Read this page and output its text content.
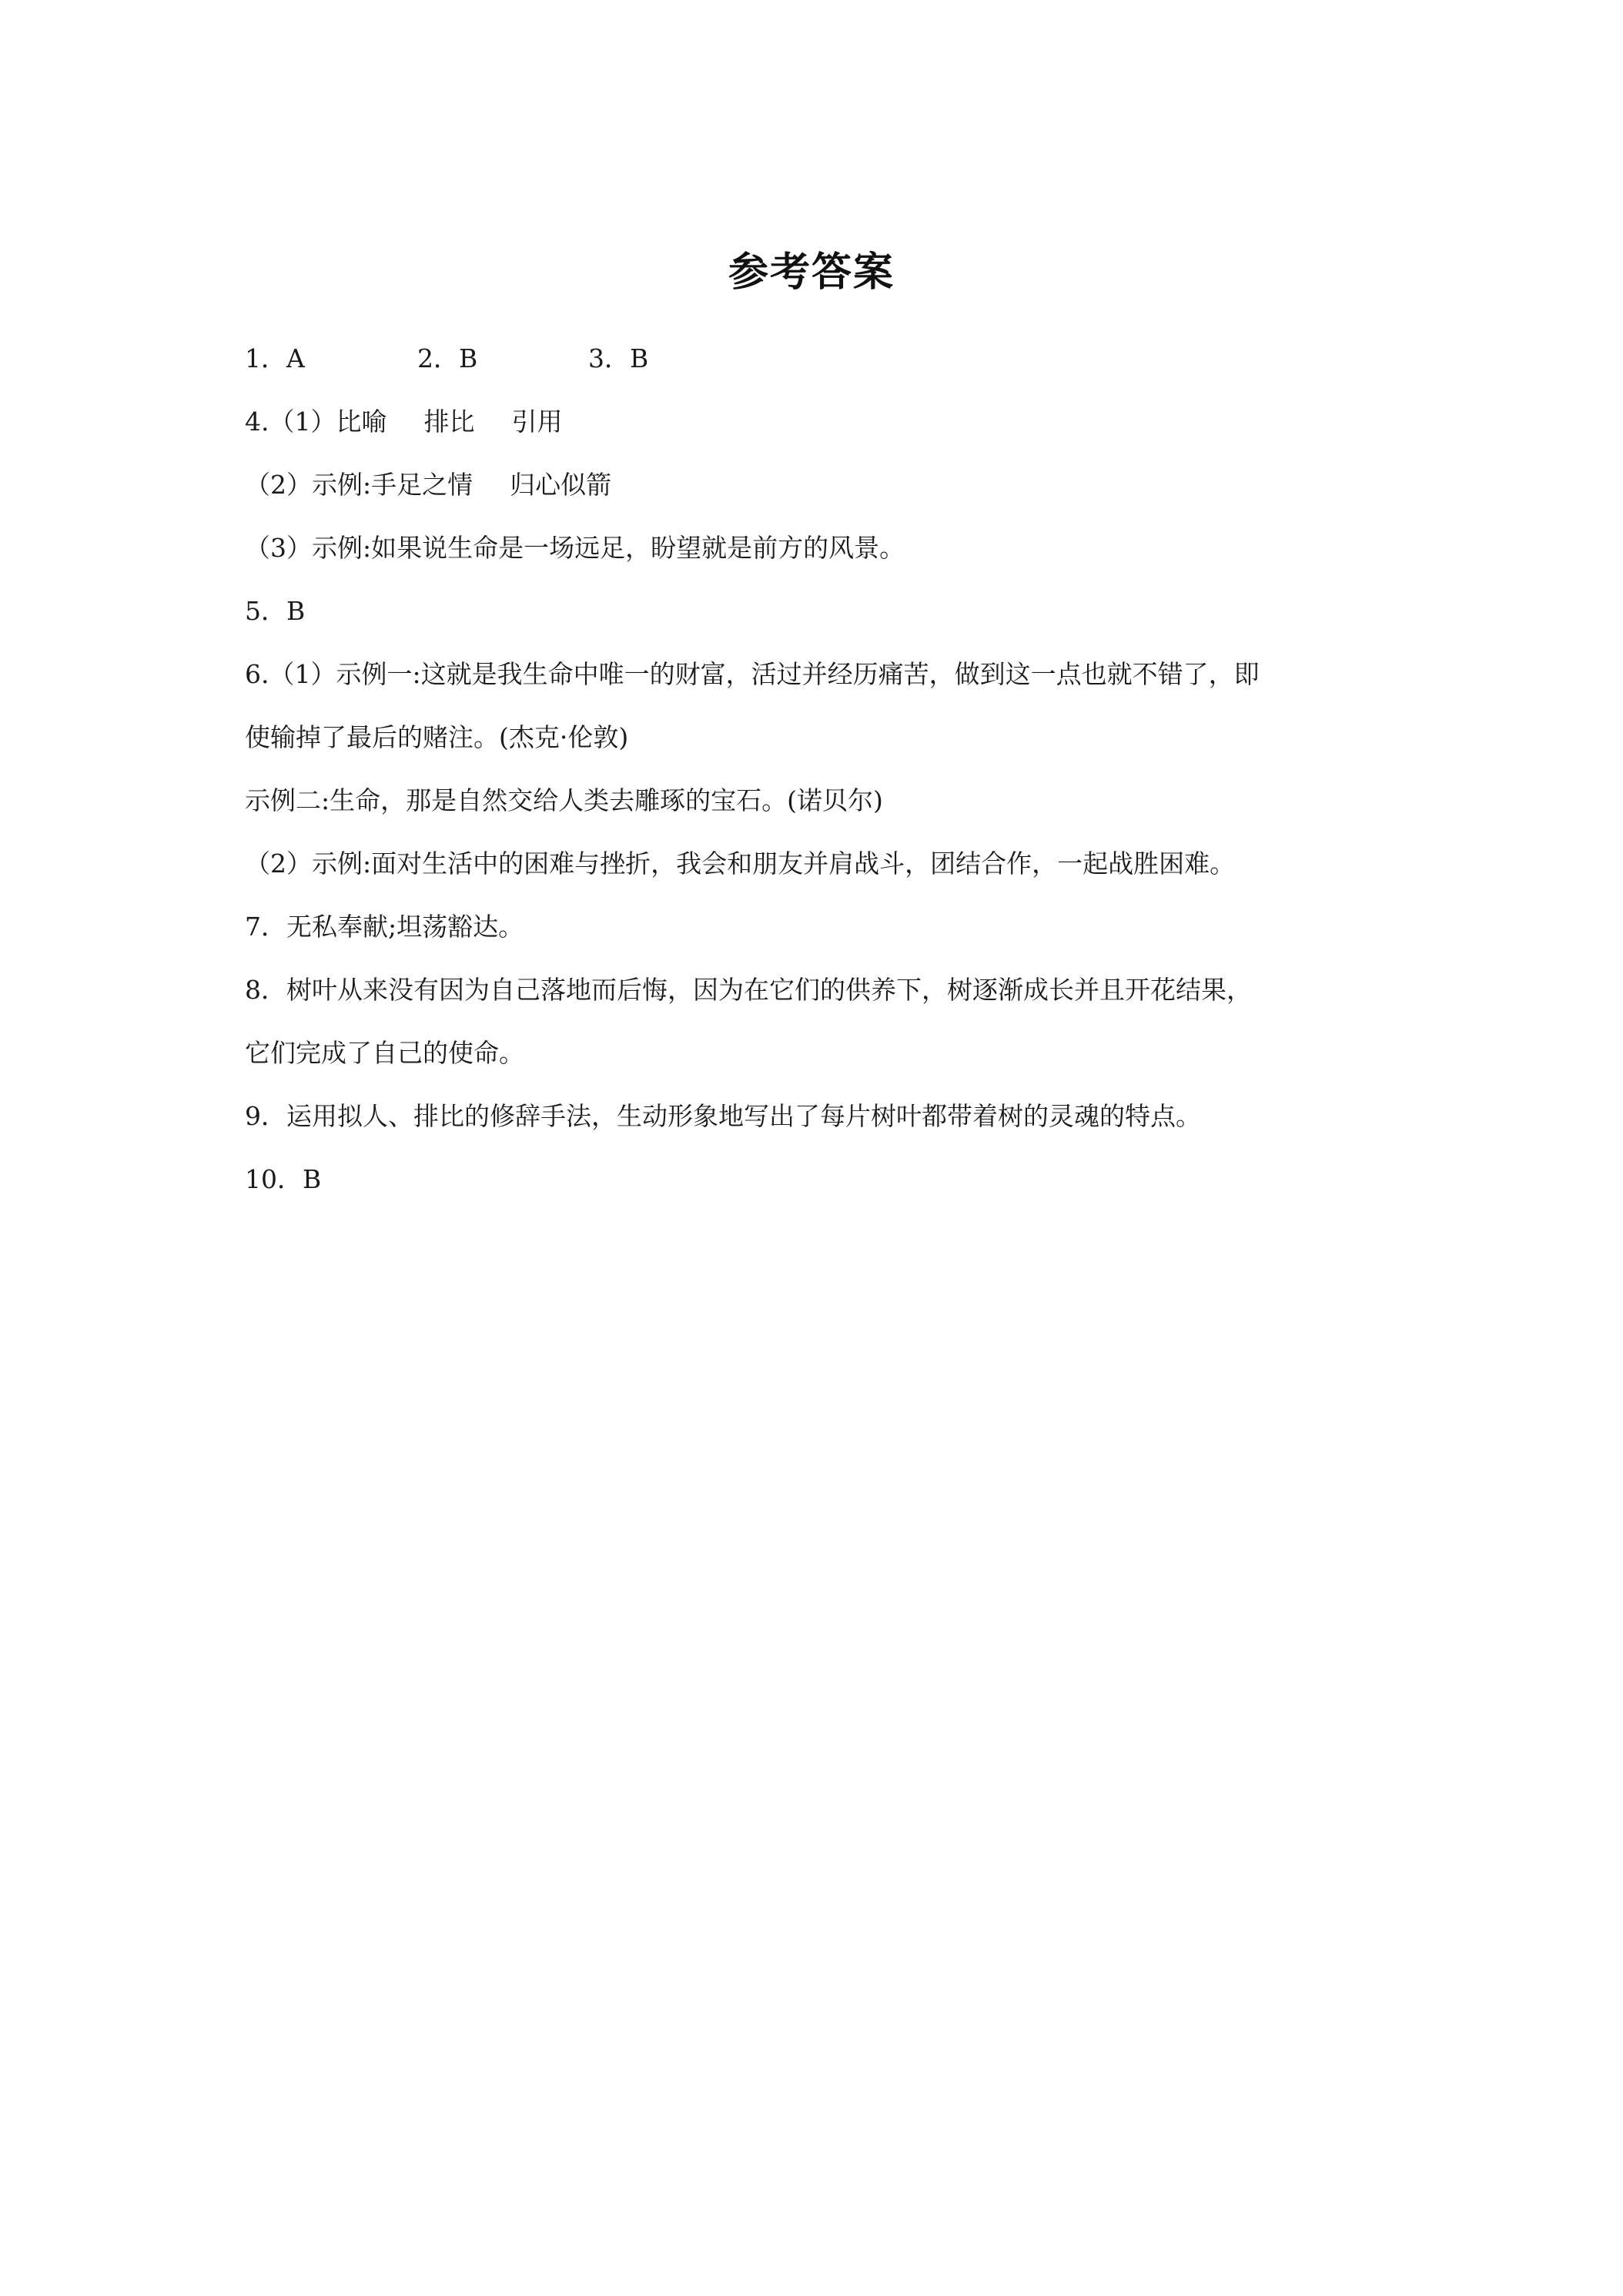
参考答案
1．A	2．B	3．B
4.（1）比喻 排比 引用
（2）示例:手足之情 归心似箭
（3）示例:如果说生命是一场远足，盼望就是前方的风景。
5．B
6.（1）示例一:这就是我生命中唯一的财富，活过并经历痛苦，做到这一点也就不错了，即
使输掉了最后的赌注。(杰克·伦敦)
示例二:生命，那是自然交给人类去雕琢的宝石。(诺贝尔)
（2）示例:面对生活中的困难与挫折，我会和朋友并肩战斗，团结合作，一起战胜困难。
7．无私奉献;坦荡豁达。
8．树叶从来没有因为自己落地而后悔，因为在它们的供养下，树逐渐成长并且开花结果，
它们完成了自己的使命。
9．运用拟人、排比的修辞手法，生动形象地写出了每片树叶都带着树的灵魂的特点。
10．B
